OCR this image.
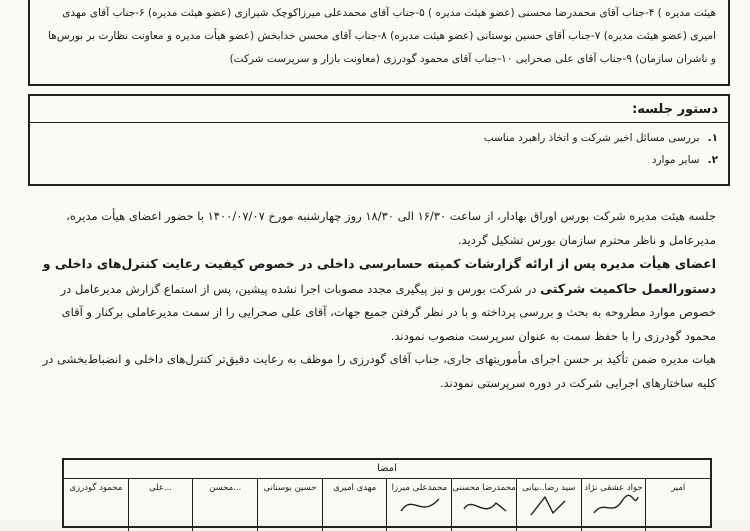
هیئت مدیره ) ۴-جناب آقای محمدرضا محسنی (عضو هیئت مدیره ) ۵-جناب آقای محمدعلی میرزاکوچک شیرازی (عضو هیئت مدیره) ۶-جناب آقای مهدی

امیری (عضو هیئت مدیره) ۷-جناب آقای حسین بوستانی (عضو هیئت مدیره) ۸-جناب آقای محسن خدابخش (عضو هیأت مدیره و معاونت نظارت بر بورس‌ها

و ناشران سازمان) ۹-جناب آقای علی صحرایی ۱۰-جناب آقای محمود گودرزی (معاونت بازار و سرپرست شرکت)

دستور جلسه:

۱.
بررسی مسائل اخیر شرکت و اتخاذ راهبرد مناسب

۲.
سایر موارد

جلسه هیئت مدیره شرکت بورس اوراق بهادار، از ساعت ۱۶/۳۰ الی ۱۸/۳۰ روز چهارشنبه مورخ ۱۴۰۰/۰۷/۰۷ با حضور اعضای هیأت مدیره، مدیرعامل و ناظر محترم سازمان بورس تشکیل گردید.

اعضای هیأت مدیره پس از ارائه گزارشات کمیته حسابرسی داخلی در خصوص کیفیت رعایت کنترل‌های داخلی و دستورالعمل حاکمیت شرکتی در شرکت بورس و نیز پیگیری مجدد مصوبات اجرا نشده پیشین، پس از استماع گزارش مدیرعامل در خصوص موارد مطروحه به بحث و بررسی پرداخته و با در نظر گرفتن جمیع جهات، آقای علی صحرایی را از سمت مدیرعاملی برکنار و آقای محمود گودرزی را با حفظ سمت به عنوان سرپرست منصوب نمودند.

هیات مدیره ضمن تأکید بر حسن اجرای مأموریتهای جاری، جناب آقای گودرزی را موظف به رعایت دقیق‌تر کنترل‌های داخلی و انضباط‌بخشی در کلیه ساختارهای اجرایی شرکت در دوره سرپرستی نمودند.

امضا
امیر
جواد عشقی نژاد
سید رضا..بیانی
محمدرضا محسنی
محمد‌علی میرزا
مهدی امیری
حسین بوستانی
محسن...
علی...
محمود گودرزی
